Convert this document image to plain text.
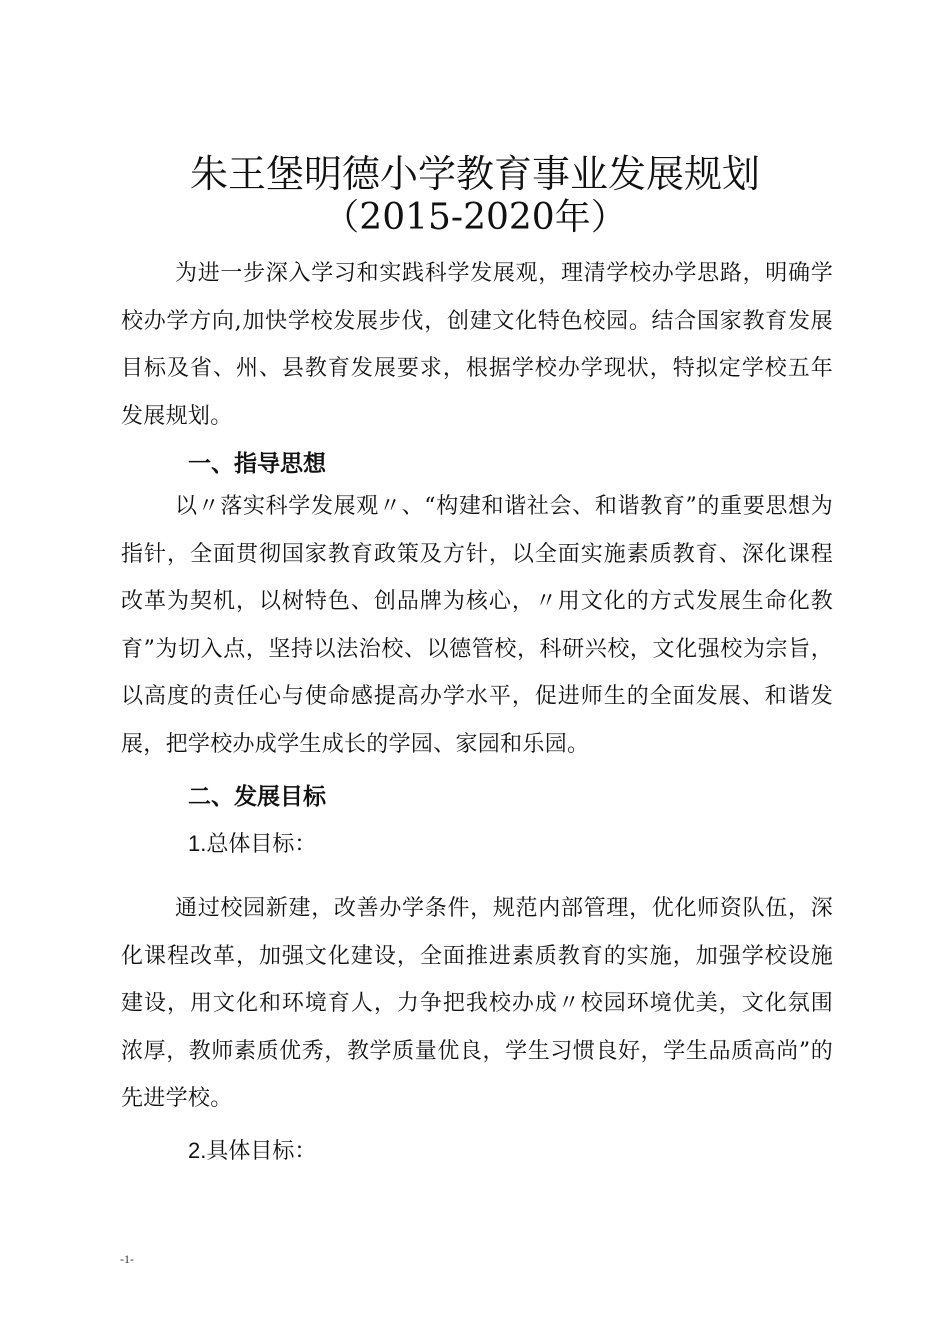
朱王堡明德小学教育事业发展规划
（2015-2020年）

为进一步深入学习和实践科学发展观，理清学校办学思路，明确学校办学方向,加快学校发展步伐，创建文化特色校园。结合国家教育发展目标及省、州、县教育发展要求，根据学校办学现状，特拟定学校五年发展规划。

一、指导思想

以〃落实科学发展观〃、“构建和谐社会、和谐教育”的重要思想为指针，全面贯彻国家教育政策及方针，以全面实施素质教育、深化课程改革为契机，以树特色、创品牌为核心，〃用文化的方式发展生命化教育”为切入点，坚持以法治校、以德管校，科研兴校，文化强校为宗旨，以高度的责任心与使命感提高办学水平，促进师生的全面发展、和谐发展，把学校办成学生成长的学园、家园和乐园。

二、发展目标
1.总体目标：

通过校园新建，改善办学条件，规范内部管理，优化师资队伍，深化课程改革，加强文化建设，全面推进素质教育的实施，加强学校设施建设，用文化和环境育人，力争把我校办成〃校园环境优美，文化氛围浓厚，教师素质优秀，教学质量优良，学生习惯良好，学生品质高尚”的先进学校。

2.具体目标：
-1-
